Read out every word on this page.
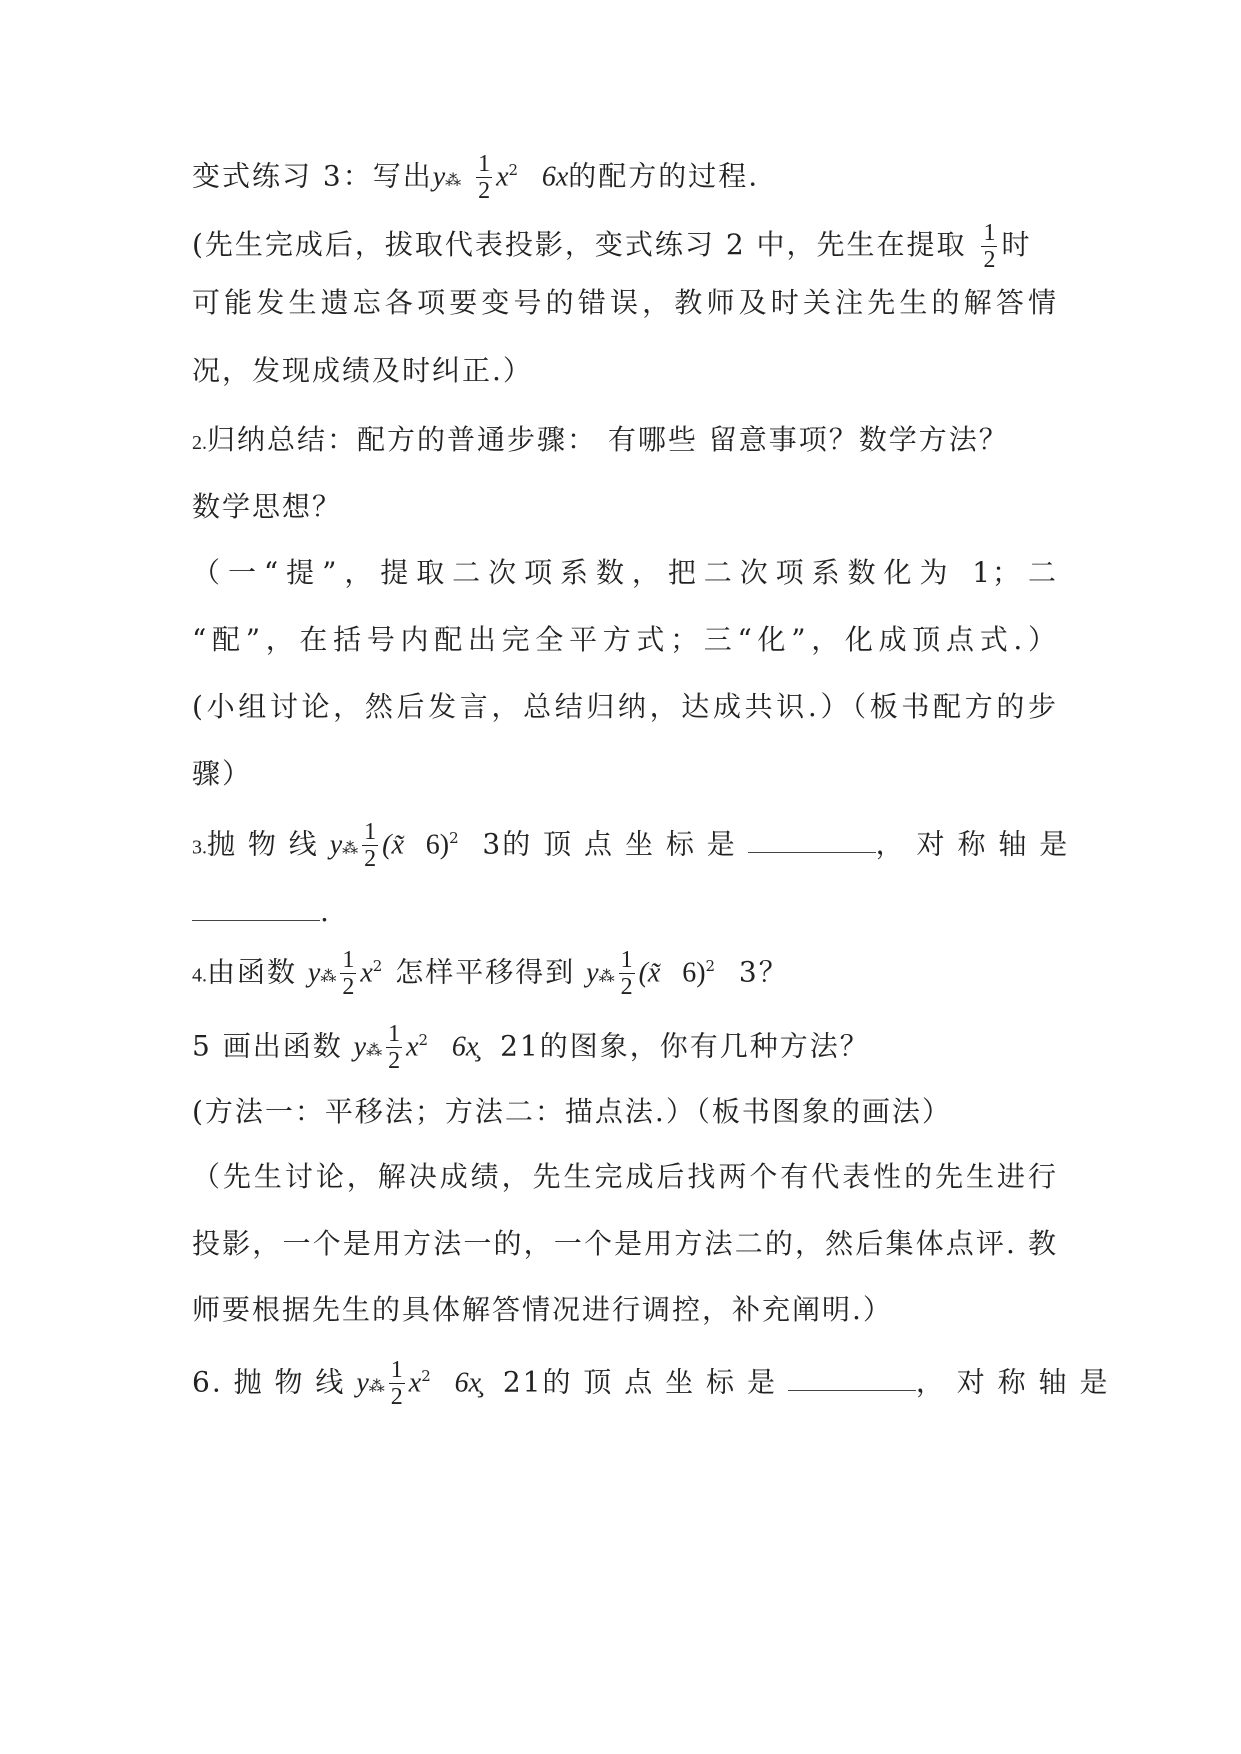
变式练习 3：写出y⁂ $\frac{1}{2} x^2$ 6x的配方的过程.
(先生完成后，拔取代表投影，变式练习 2 中，先生在提取 $\frac{1}{2}$ 时
可能发生遗忘各项要变号的错误，教师及时关注先生的解答情
况，发现成绩及时纠正.）
2.归纳总结：配方的普通步骤： 有哪些 留意事项？数学方法？
数学思想？
（一“提”，提取二次项系数，把二次项系数化为 1；二
“配”，在括号内配出完全平方式；三“化”，化成顶点式.）
(小组讨论，然后发言，总结归纳，达成共识.）（板书配方的步
骤）
3.抛 物 线 y⁂ $\frac{1}{2}$ (x̃ 6)$^2$ 3的 顶 点 坐 标 是	， 对 称 轴 是
.
4.由函数 y⁂ $\frac{1}{2} x^2$ 怎样平移得到 y⁂ $\frac{1}{2}$ (x̃ 6)$^2$ 3？
5 画出函数 y⁂ $\frac{1}{2} x^2$ 6x̧ 21的图象，你有几种方法？
(方法一：平移法；方法二：描点法.）（板书图象的画法）
（先生讨论，解决成绩，先生完成后找两个有代表性的先生进行
投影，一个是用方法一的，一个是用方法二的，然后集体点评. 教
师要根据先生的具体解答情况进行调控，补充阐明.）
6. 抛 物 线 y⁂ $\frac{1}{2} x^2$ 6x̧ 21的 顶 点 坐 标 是	， 对 称 轴 是
